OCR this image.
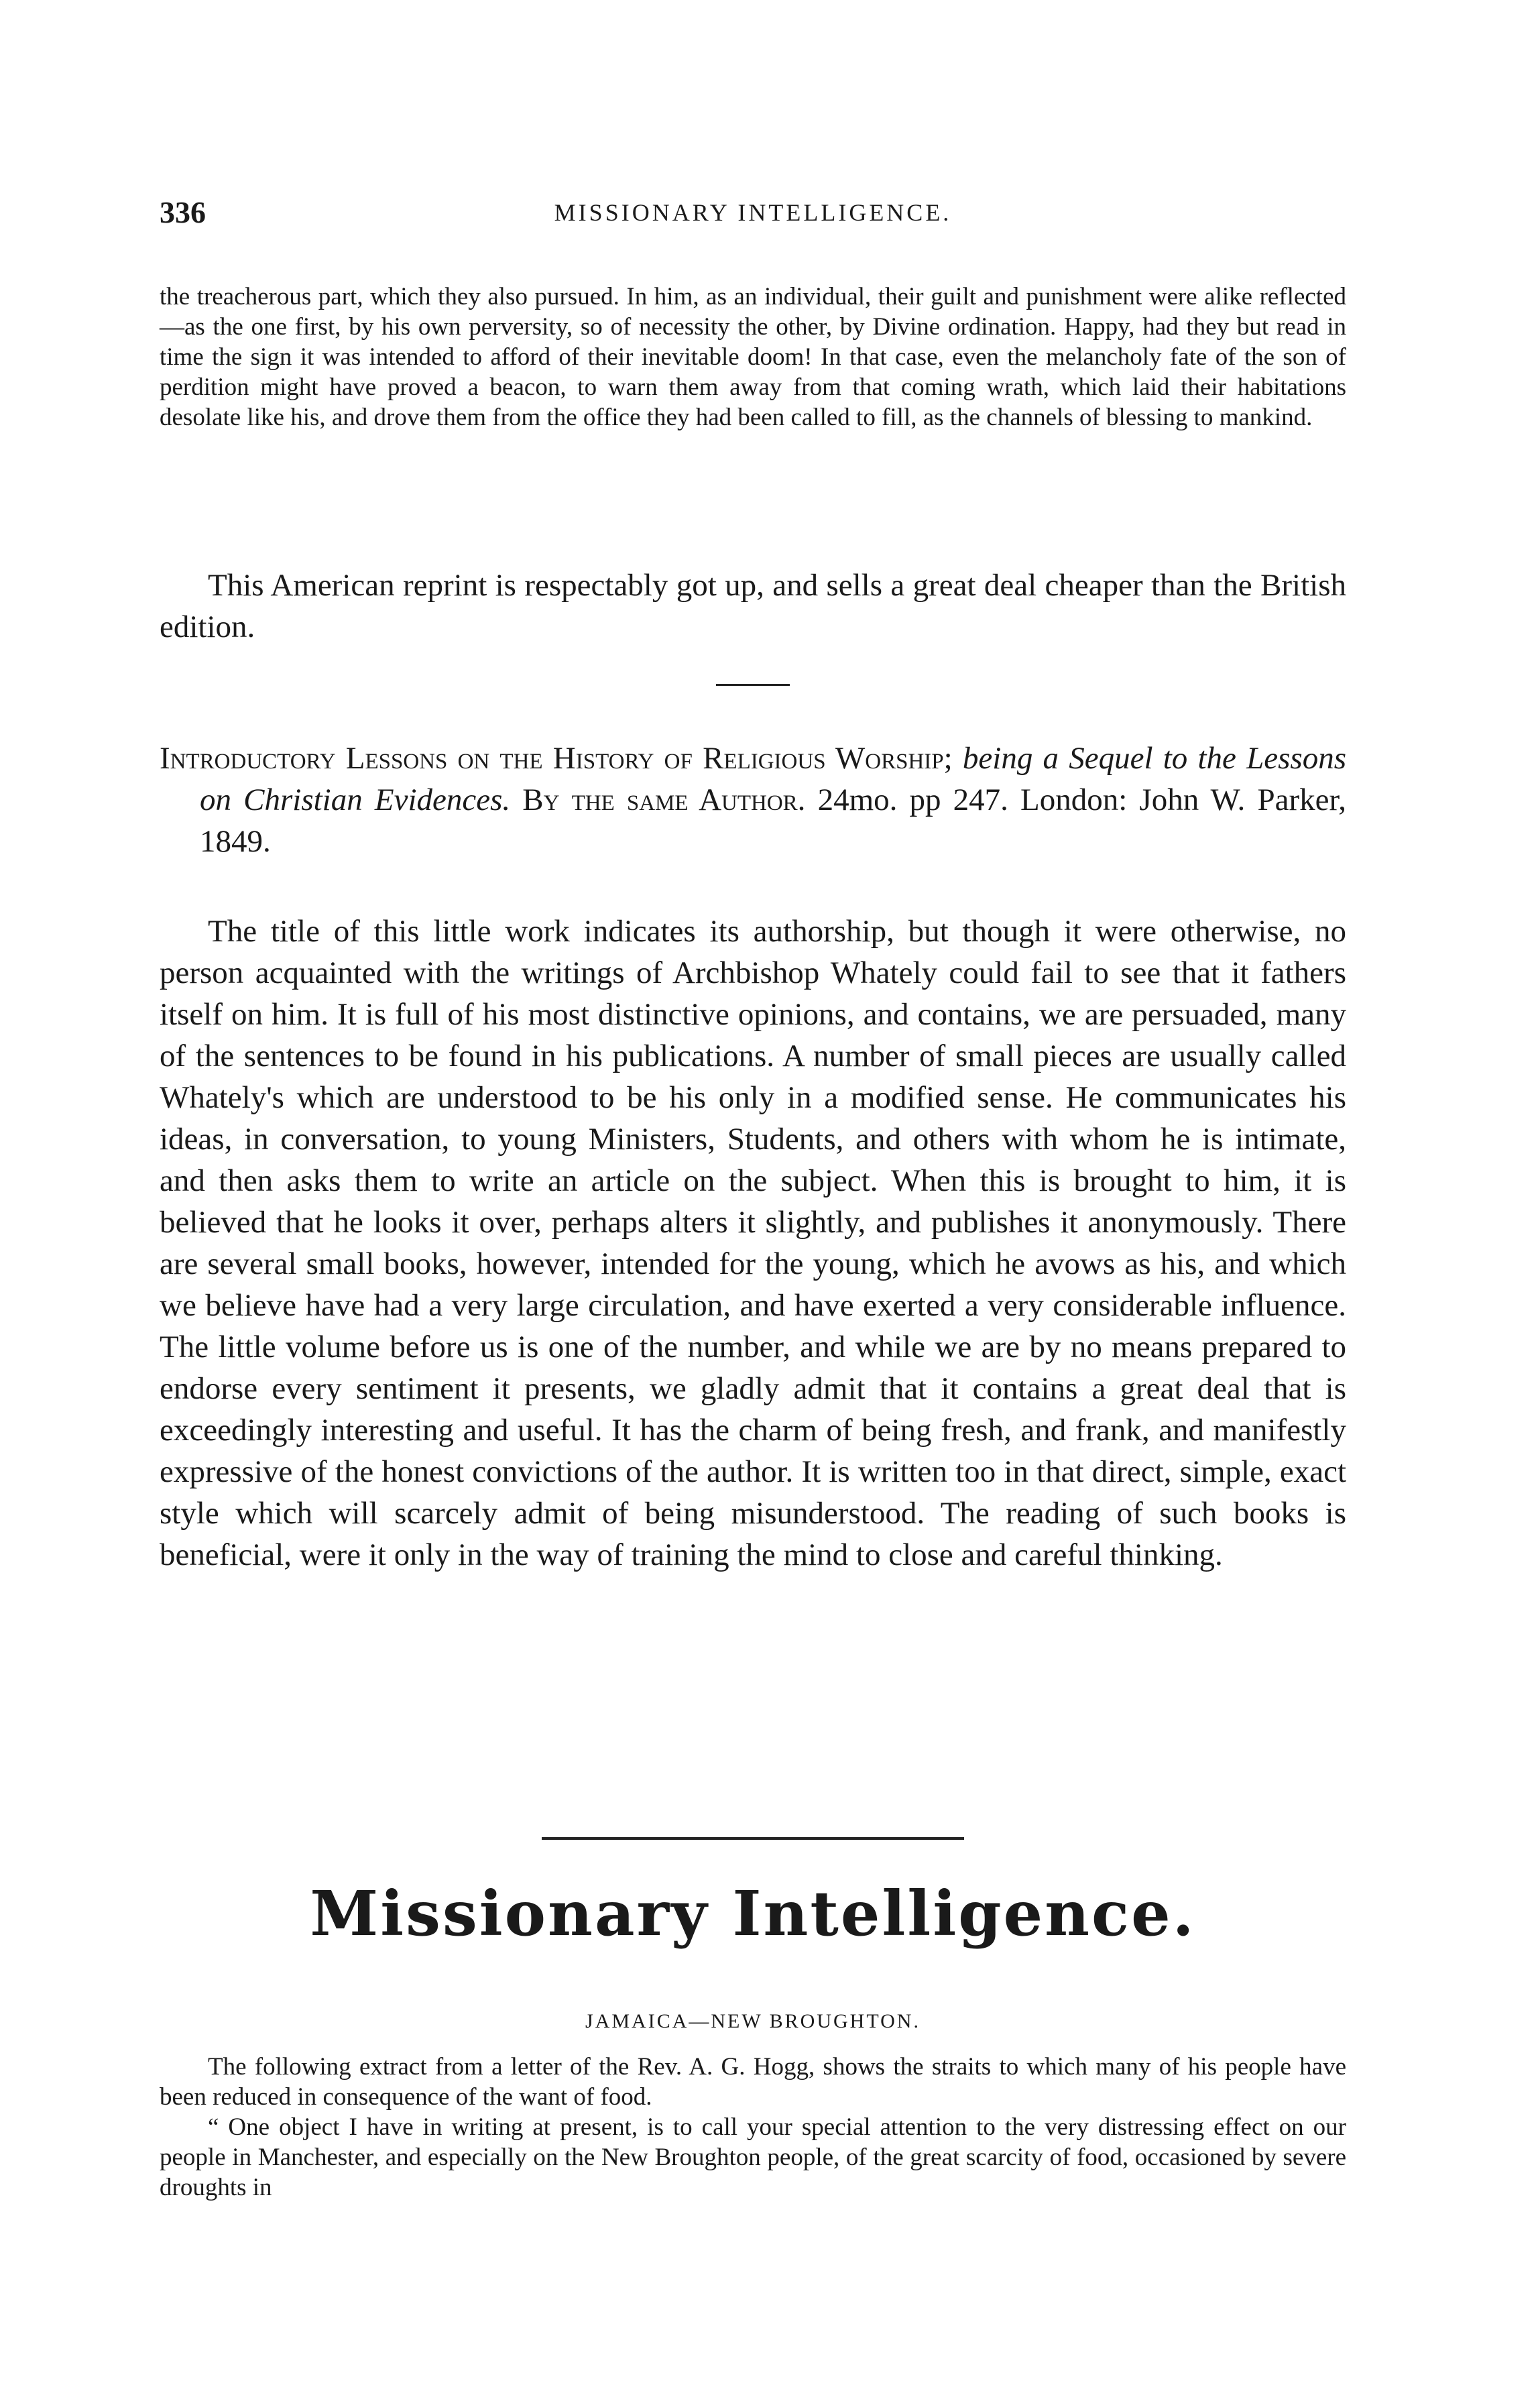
336	MISSIONARY INTELLIGENCE.

the treacherous part, which they also pursued. In him, as an individual, their guilt and punishment were alike reflected—as the one first, by his own perversity, so of necessity the other, by Divine ordination. Happy, had they but read in time the sign it was intended to afford of their inevitable doom! In that case, even the melancholy fate of the son of perdition might have proved a beacon, to warn them away from that coming wrath, which laid their habitations desolate like his, and drove them from the office they had been called to fill, as the channels of blessing to mankind.

This American reprint is respectably got up, and sells a great deal cheaper than the British edition.

Introductory Lessons on the History of Religious Worship; being a Sequel to the Lessons on Christian Evidences. By the same Author. 24mo. pp 247. London: John W. Parker, 1849.

The title of this little work indicates its authorship, but though it were otherwise, no person acquainted with the writings of Archbishop Whately could fail to see that it fathers itself on him. It is full of his most distinctive opinions, and contains, we are persuaded, many of the sentences to be found in his publications. A number of small pieces are usually called Whately's which are understood to be his only in a modified sense. He communicates his ideas, in conversation, to young Ministers, Students, and others with whom he is intimate, and then asks them to write an article on the subject. When this is brought to him, it is believed that he looks it over, perhaps alters it slightly, and publishes it anonymously. There are several small books, however, intended for the young, which he avows as his, and which we believe have had a very large circulation, and have exerted a very considerable influence. The little volume before us is one of the number, and while we are by no means prepared to endorse every sentiment it presents, we gladly admit that it contains a great deal that is exceedingly interesting and useful. It has the charm of being fresh, and frank, and manifestly expressive of the honest convictions of the author. It is written too in that direct, simple, exact style which will scarcely admit of being misunderstood. The reading of such books is beneficial, were it only in the way of training the mind to close and careful thinking.

Missionary Intelligence.
JAMAICA—NEW BROUGHTON.

The following extract from a letter of the Rev. A. G. Hogg, shows the straits to which many of his people have been reduced in consequence of the want of food.

“ One object I have in writing at present, is to call your special attention to the very distressing effect on our people in Manchester, and especially on the New Broughton people, of the great scarcity of food, occasioned by severe droughts in
